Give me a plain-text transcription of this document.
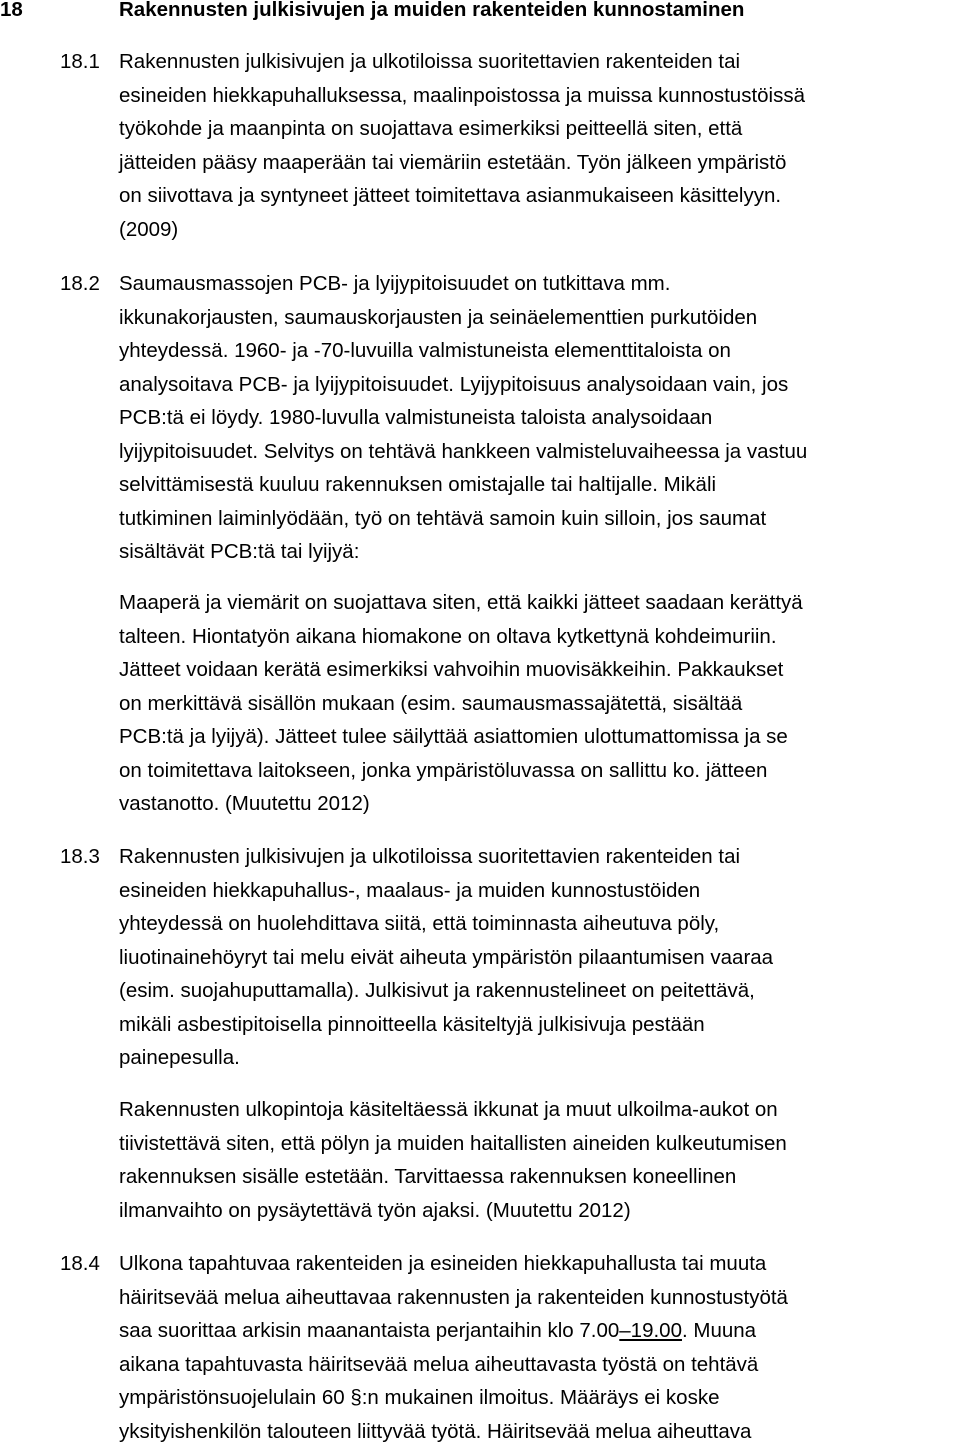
18	Rakennusten julkisivujen ja muiden rakenteiden kunnostaminen
18.1 Rakennusten julkisivujen ja ulkotiloissa suoritettavien rakenteiden tai
esineiden hiekkapuhalluksessa, maalinpoistossa ja muissa kunnostustöissä
työkohde ja maanpinta on suojattava esimerkiksi peitteellä siten, että
jätteiden pääsy maaperään tai viemäriin estetään. Työn jälkeen ympäristö
on siivottava ja syntyneet jätteet toimitettava asianmukaiseen käsittelyyn.
(2009)
18.2 Saumausmassojen PCB- ja lyijypitoisuudet on tutkittava mm.
ikkunakorjausten, saumauskorjausten ja seinäelementtien purkutöiden
yhteydessä. 1960- ja -70-luvuilla valmistuneista elementtitaloista on
analysoitava PCB- ja lyijypitoisuudet. Lyijypitoisuus analysoidaan vain, jos
PCB:tä ei löydy. 1980-luvulla valmistuneista taloista analysoidaan
lyijypitoisuudet. Selvitys on tehtävä hankkeen valmisteluvaiheessa ja vastuu
selvittämisestä kuuluu rakennuksen omistajalle tai haltijalle. Mikäli
tutkiminen laiminlyödään, työ on tehtävä samoin kuin silloin, jos saumat
sisältävät PCB:tä tai lyijyä:
Maaperä ja viemärit on suojattava siten, että kaikki jätteet saadaan kerättyä
talteen. Hiontatyön aikana hiomakone on oltava kytkettynä kohdeimuriin.
Jätteet voidaan kerätä esimerkiksi vahvoihin muovisäkkeihin. Pakkaukset
on merkittävä sisällön mukaan (esim. saumausmassajätettä, sisältää
PCB:tä ja lyijyä). Jätteet tulee säilyttää asiattomien ulottumattomissa ja se
on toimitettava laitokseen, jonka ympäristöluvassa on sallittu ko. jätteen
vastanotto. (Muutettu 2012)
18.3 Rakennusten julkisivujen ja ulkotiloissa suoritettavien rakenteiden tai
esineiden hiekkapuhallus-, maalaus- ja muiden kunnostustöiden
yhteydessä on huolehdittava siitä, että toiminnasta aiheutuva pöly,
liuotinainehöyryt tai melu eivät aiheuta ympäristön pilaantumisen vaaraa
(esim. suojahuputtamalla). Julkisivut ja rakennustelineet on peitettävä,
mikäli asbestipitoisella pinnoitteella käsiteltyjä julkisivuja pestään
painepesulla.
Rakennusten ulkopintoja käsiteltäessä ikkunat ja muut ulkoilma-aukot on
tiivistettävä siten, että pölyn ja muiden haitallisten aineiden kulkeutumisen
rakennuksen sisälle estetään. Tarvittaessa rakennuksen koneellinen
ilmanvaihto on pysäytettävä työn ajaksi. (Muutettu 2012)
18.4 Ulkona tapahtuvaa rakenteiden ja esineiden hiekkapuhallusta tai muuta
häiritsevää melua aiheuttavaa rakennusten ja rakenteiden kunnostustyötä
saa suorittaa arkisin maanantaista perjantaihin klo 7.00–19.00. Muuna
aikana tapahtuvasta häiritsevää melua aiheuttavasta työstä on tehtävä
ympäristönsuojelulain 60 §:n mukainen ilmoitus. Määräys ei koske
yksityishenkilön talouteen liittyvää työtä. Häiritsevää melua aiheuttava
